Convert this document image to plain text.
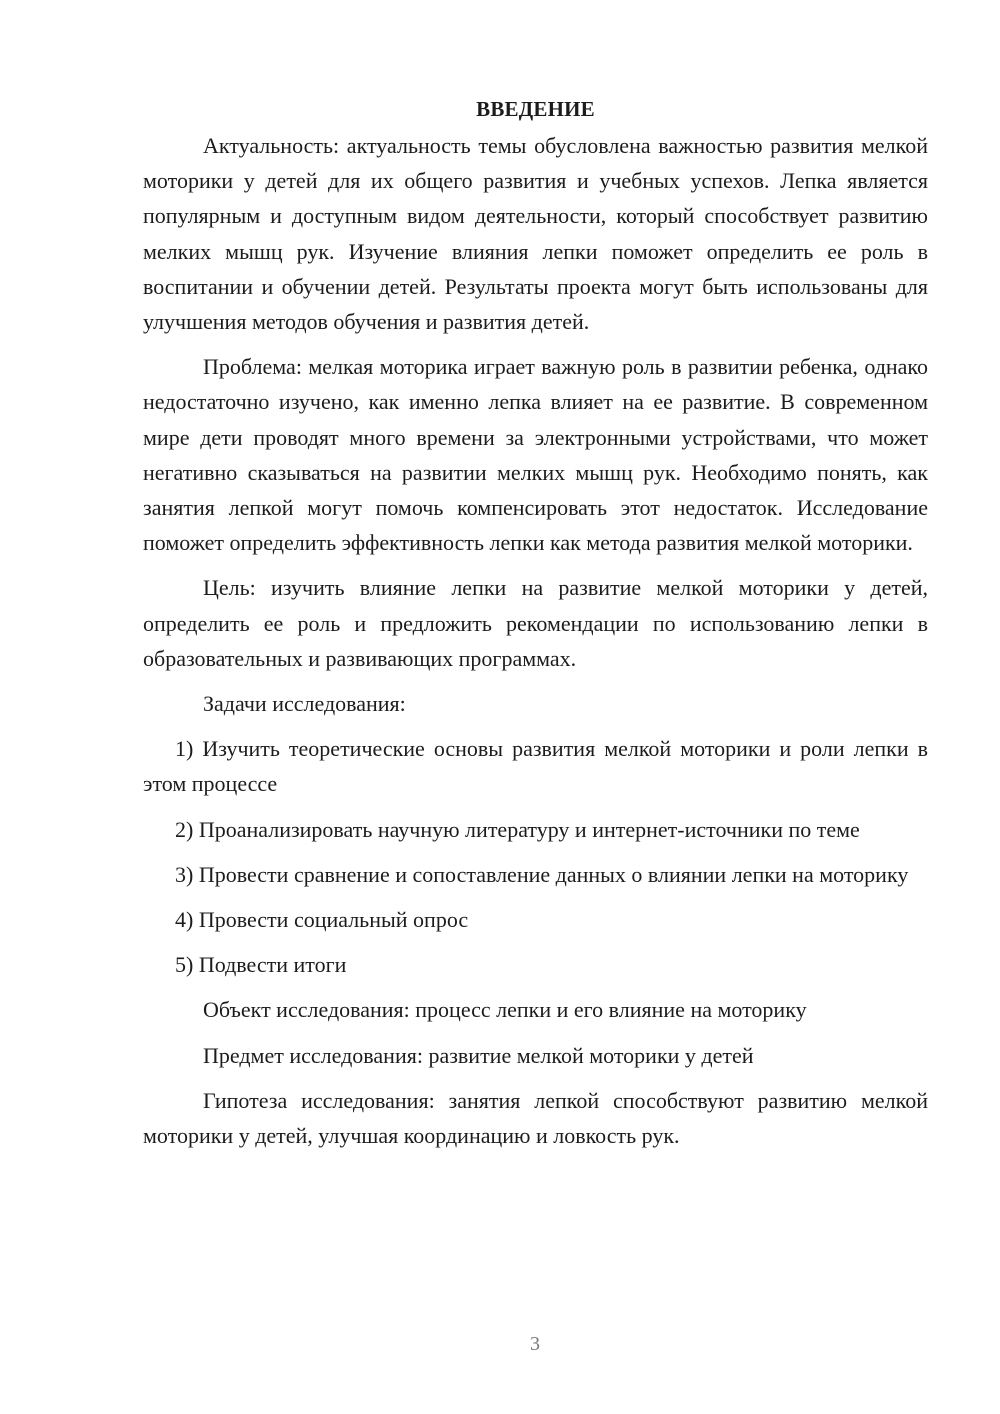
ВВЕДЕНИЕ

Актуальность: актуальность темы обусловлена важностью развития мелкой моторики у детей для их общего развития и учебных успехов. Лепка является популярным и доступным видом деятельности, который способствует развитию мелких мышц рук. Изучение влияния лепки поможет определить ее роль в воспитании и обучении детей. Результаты проекта могут быть использованы для улучшения методов обучения и развития детей.

Проблема: мелкая моторика играет важную роль в развитии ребенка, однако недостаточно изучено, как именно лепка влияет на ее развитие. В современном мире дети проводят много времени за электронными устройствами, что может негативно сказываться на развитии мелких мышц рук. Необходимо понять, как занятия лепкой могут помочь компенсировать этот недостаток. Исследование поможет определить эффективность лепки как метода развития мелкой моторики.

Цель: изучить влияние лепки на развитие мелкой моторики у детей, определить ее роль и предложить рекомендации по использованию лепки в образовательных и развивающих программах.

Задачи исследования:

1) Изучить теоретические основы развития мелкой моторики и роли лепки в этом процессе

2) Проанализировать научную литературу и интернет-источники по теме

3) Провести сравнение и сопоставление данных о влиянии лепки на моторику

4) Провести социальный опрос

5) Подвести итоги

Объект исследования: процесс лепки и его влияние на моторику

Предмет исследования: развитие мелкой моторики у детей

Гипотеза исследования: занятия лепкой способствуют развитию мелкой моторики у детей, улучшая координацию и ловкость рук.

3
